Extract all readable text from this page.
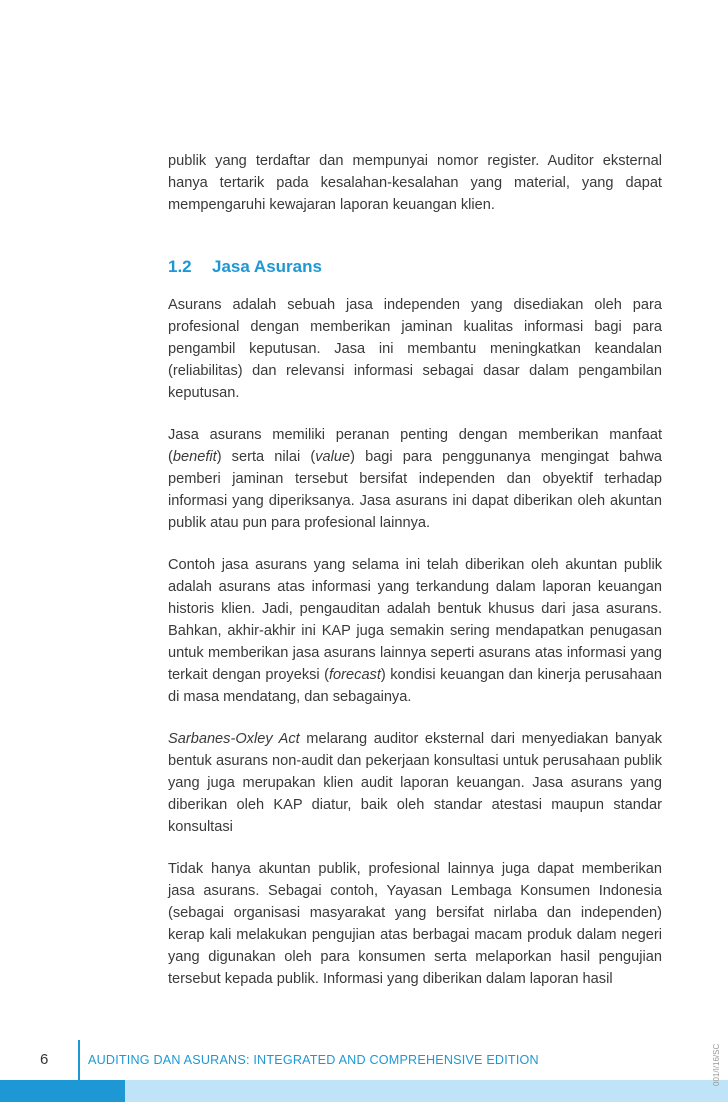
publik yang terdaftar dan mempunyai nomor register. Auditor eksternal hanya tertarik pada kesalahan-kesalahan yang material, yang dapat mempengaruhi kewajaran laporan keuangan klien.

1.2 Jasa Asurans

Asurans adalah sebuah jasa independen yang disediakan oleh para profesional dengan memberikan jaminan kualitas informasi bagi para pengambil keputusan. Jasa ini membantu meningkatkan keandalan (reliabilitas) dan relevansi informasi sebagai dasar dalam pengambilan keputusan.

Jasa asurans memiliki peranan penting dengan memberikan manfaat (benefit) serta nilai (value) bagi para penggunanya mengingat bahwa pemberi jaminan tersebut bersifat independen dan obyektif terhadap informasi yang diperiksanya. Jasa asurans ini dapat diberikan oleh akuntan publik atau pun para profesional lainnya.

Contoh jasa asurans yang selama ini telah diberikan oleh akuntan publik adalah asurans atas informasi yang terkandung dalam laporan keuangan historis klien. Jadi, pengauditan adalah bentuk khusus dari jasa asurans. Bahkan, akhir-akhir ini KAP juga semakin sering mendapatkan penugasan untuk memberikan jasa asurans lainnya seperti asurans atas informasi yang terkait dengan proyeksi (forecast) kondisi keuangan dan kinerja perusahaan di masa mendatang, dan sebagainya.

Sarbanes-Oxley Act melarang auditor eksternal dari menyediakan banyak bentuk asurans non-audit dan pekerjaan konsultasi untuk perusahaan publik yang juga merupakan klien audit laporan keuangan. Jasa asurans yang diberikan oleh KAP diatur, baik oleh standar atestasi maupun standar konsultasi

Tidak hanya akuntan publik, profesional lainnya juga dapat memberikan jasa asurans. Sebagai contoh, Yayasan Lembaga Konsumen Indonesia (sebagai organisasi masyarakat yang bersifat nirlaba dan independen) kerap kali melakukan pengujian atas berbagai macam produk dalam negeri yang digunakan oleh para konsumen serta melaporkan hasil pengujian tersebut kepada publik. Informasi yang diberikan dalam laporan hasil

6	AUDITING DAN ASURANS: INTEGRATED AND COMPREHENSIVE EDITION	001/I/16/SC
